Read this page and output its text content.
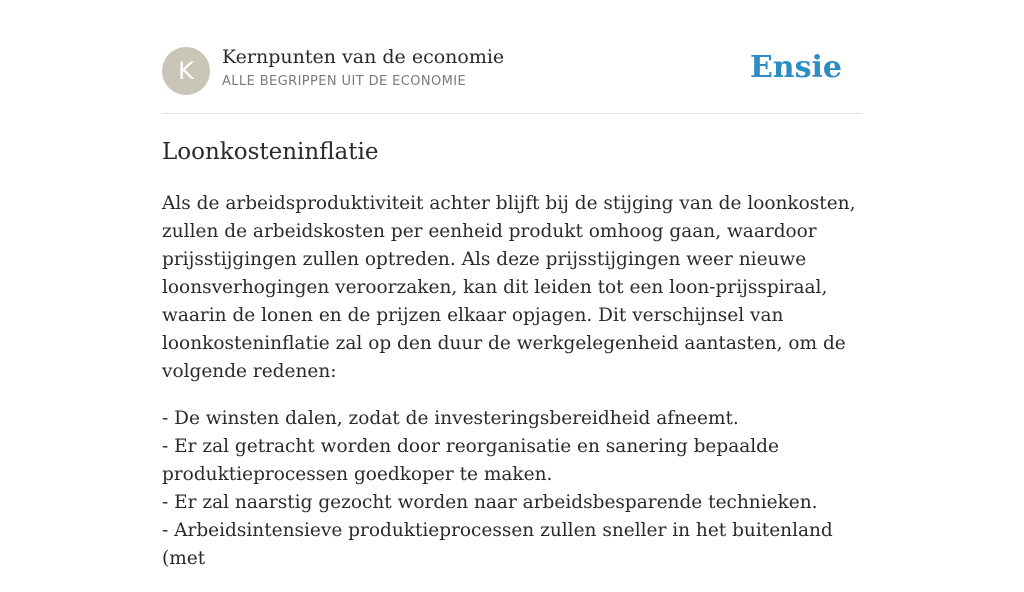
K	Kernpunten van de economie
ALLE BEGRIPPEN UIT DE ECONOMIE	Ensie
Loonkosteninflatie

Als de arbeidsproduktiviteit achter blijft bij de stijging van de loonkosten, zullen de arbeidskosten per eenheid produkt omhoog gaan, waardoor prijsstijgingen zullen optreden. Als deze prijsstijgingen weer nieuwe loonsverhogingen veroorzaken, kan dit leiden tot een loon-prijsspiraal, waarin de lonen en de prijzen elkaar opjagen. Dit verschijnsel van loonkosteninflatie zal op den duur de werkgelegenheid aantasten, om de volgende redenen:

- De winsten dalen, zodat de investeringsbereidheid afneemt.
- Er zal getracht worden door reorganisatie en sanering bepaalde produktieprocessen goedkoper te maken.
- Er zal naarstig gezocht worden naar arbeidsbesparende technieken.
- Arbeidsintensieve produktieprocessen zullen sneller in het buitenland (met
